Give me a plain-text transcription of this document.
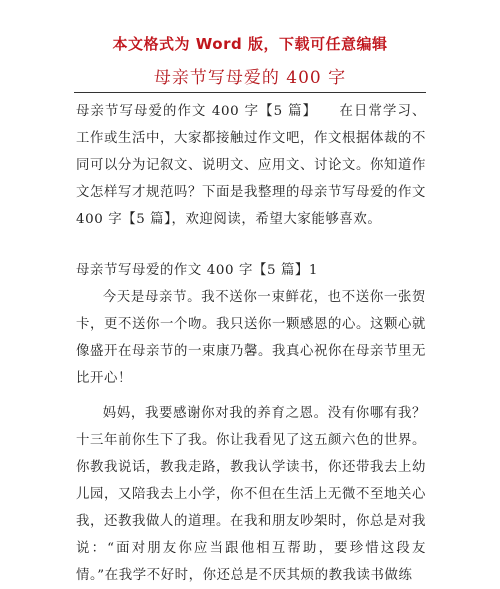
本文格式为 Word 版，下载可任意编辑
母亲节写母爱的 400 字

母亲节写母爱的作文 400 字【5 篇】　　在日常学习、工作或生活中，大家都接触过作文吧，作文根据体裁的不同可以分为记叙文、说明文、应用文、讨论文。你知道作文怎样写才规范吗？下面是我整理的母亲节写母爱的作文 400 字【5 篇】，欢迎阅读，希望大家能够喜欢。

母亲节写母爱的作文 400 字【5 篇】1

今天是母亲节。我不送你一束鲜花，也不送你一张贺卡，更不送你一个吻。我只送你一颗感恩的心。这颗心就像盛开在母亲节的一束康乃馨。我真心祝你在母亲节里无比开心！

妈妈，我要感谢你对我的养育之恩。没有你哪有我？十三年前你生下了我。你让我看见了这五颜六色的世界。你教我说话，教我走路，教我认学读书，你还带我去上幼儿园，又陪我去上小学，你不但在生活上无微不至地关心我，还教我做人的道理。在我和朋友吵架时，你总是对我说：“面对朋友你应当跟他相互帮助，要珍惜这段友情。”在我学不好时，你还总是不厌其烦的教我读书做练
